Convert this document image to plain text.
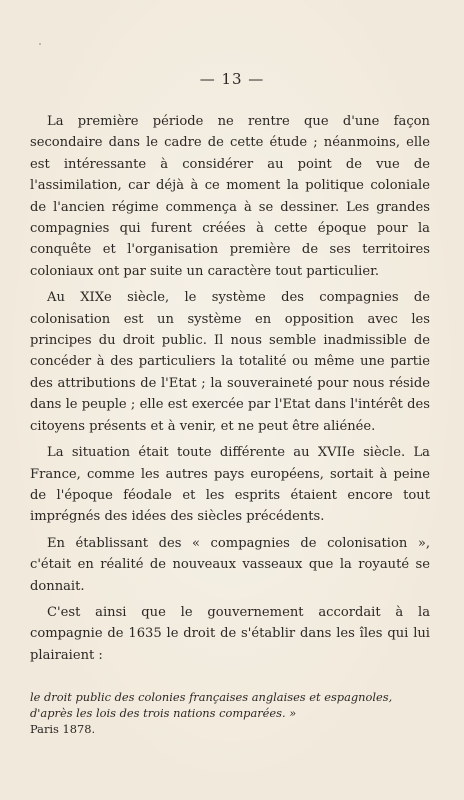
— 13 —

La première période ne rentre que d'une façon secondaire dans le cadre de cette étude ; néanmoins, elle est intéressante à considérer au point de vue de l'assimilation, car déjà à ce moment la politique coloniale de l'ancien régime commença à se dessiner. Les grandes compagnies qui furent créées à cette époque pour la conquête et l'organisation première de ses territoires coloniaux ont par suite un caractère tout particulier.

Au XIXe siècle, le système des compagnies de colonisation est un système en opposition avec les principes du droit public. Il nous semble inadmissible de concéder à des particuliers la totalité ou même une partie des attributions de l'Etat ; la souveraineté pour nous réside dans le peuple ; elle est exercée par l'Etat dans l'intérêt des citoyens présents et à venir, et ne peut être aliénée.

La situation était toute différente au XVIIe siècle. La France, comme les autres pays européens, sortait à peine de l'époque féodale et les esprits étaient encore tout imprégnés des idées des siècles précédents.

En établissant des « compagnies de colonisation », c'était en réalité de nouveaux vasseaux que la royauté se donnait.

C'est ainsi que le gouvernement accordait à la compagnie de 1635 le droit de s'établir dans les îles qui lui plairaient :

le droit public des colonies françaises anglaises et espagnoles, d'après les lois des trois nations comparées. »
Paris 1878.
